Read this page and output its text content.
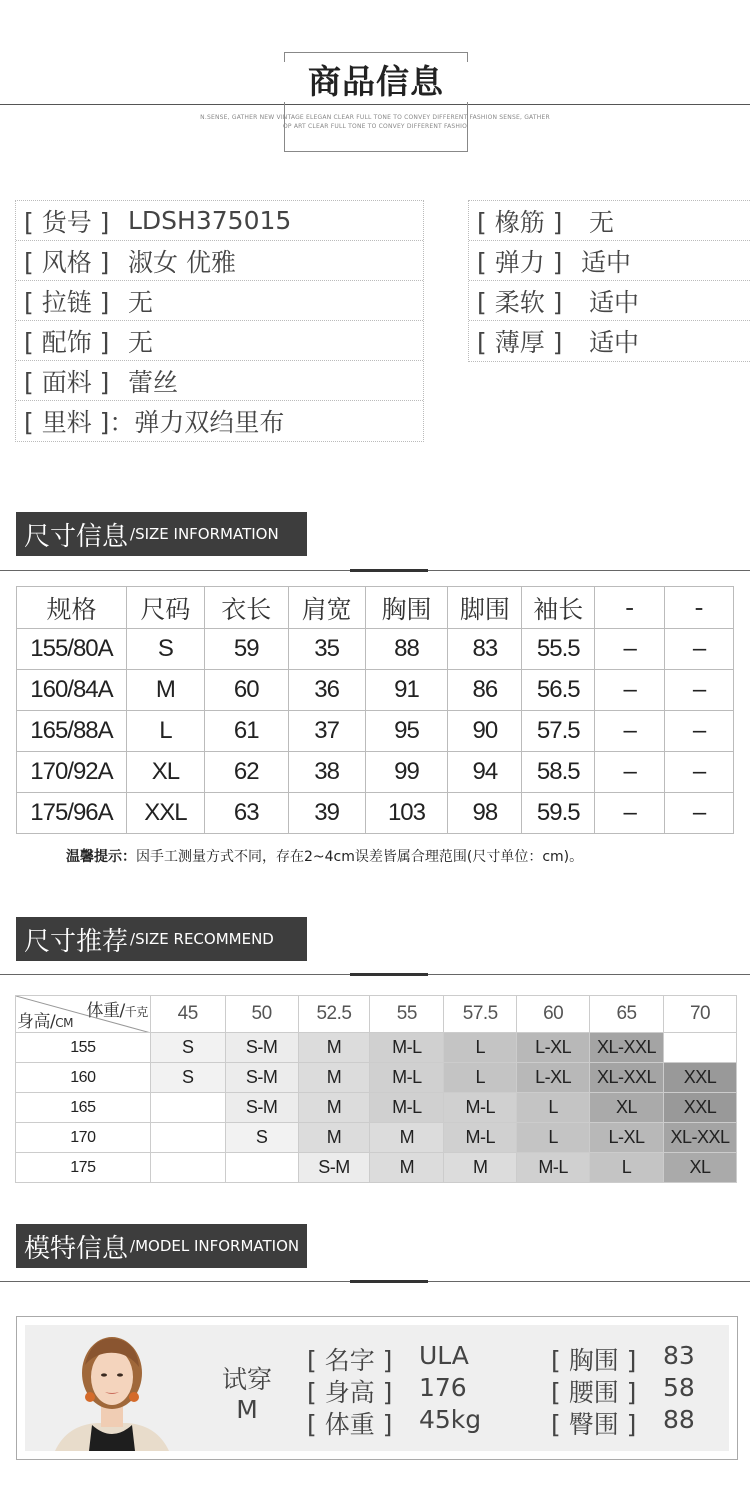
商品信息
N.SENSE, GATHER NEW VINTAGE ELEGAN CLEAR FULL TONE TO CONVEY DIFFERENT FASHION SENSE, GATHER
OP ART CLEAR FULL TONE TO CONVEY DIFFERENT FASHIO
[ 货号 ] LDSH375015
[ 风格 ] 淑女 优雅
[ 拉链 ] 无
[ 配饰 ] 无
[ 面料 ] 蕾丝
[ 里料 ] ：弹力双绉里布
[ 橡筋 ]	无
[ 弹力 ] 适中
[ 柔软 ]	适中
[ 薄厚 ]	适中
尺寸信息 /SIZE INFORMATION
规格	尺码	衣长	肩宽	胸围	脚围	袖长	-	-
155/80A	S	59	35	88	83	55.5	–	–
160/84A	M	60	36	91	86	56.5	–	–
165/88A	L	61	37	95	90	57.5	–	–
170/92A	XL	62	38	99	94	58.5	–	–
175/96A	XXL	63	39	103	98	59.5	–	–
温馨提示：因手工测量方式不同，存在2~4cm误差皆属合理范围(尺寸单位：cm)。
尺寸推荐 /SIZE RECOMMEND
体重/千克
身高/CM	45	50	52.5	55	57.5	60	65	70
155	S	S-M	M	M-L	L	L-XL	XL-XXL	
160	S	S-M	M	M-L	L	L-XL	XL-XXL	XXL
165		S-M	M	M-L	M-L	L	XL	XXL
170		S	M	M	M-L	L	L-XL	XL-XXL
175			S-M	M	M	M-L	L	XL
模特信息 /MODEL INFORMATION
试穿
M
[ 名字 ] ULA
[ 身高 ] 176
[ 体重 ] 45kg
[ 胸围 ] 83
[ 腰围 ] 58
[ 臀围 ] 88
